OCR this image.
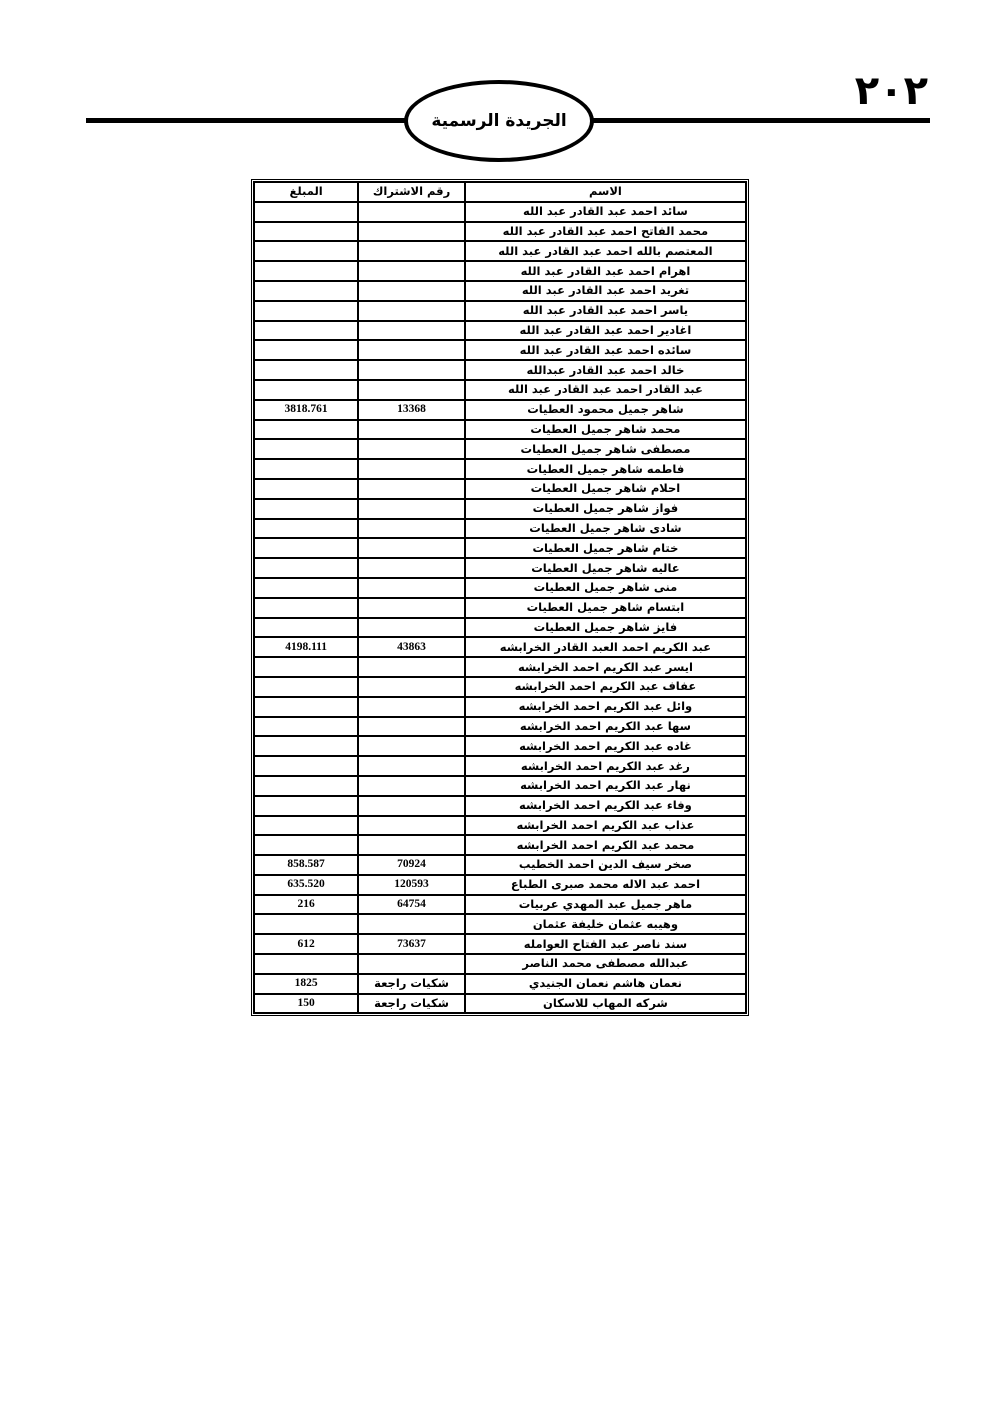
٢٠٢
الجريدة الرسمية
الاسم	رقم الاشتراك	المبلغ
سائد احمد عبد القادر عبد الله		
محمد الفاتح احمد عبد القادر عبد الله		
المعتصم بالله احمد عبد القادر عبد الله		
اهرام احمد عبد القادر عبد الله		
تغريد احمد عبد القادر عبد الله		
ياسر احمد عبد القادر عبد الله		
اغادير احمد عبد القادر عبد الله		
سائده احمد عبد القادر عبد الله		
خالد احمد عبد القادر عبدالله		
عبد القادر احمد عبد القادر عبد الله		
شاهر جميل محمود العطيات	13368	3818.761
محمد شاهر جميل العطيات		
مصطفى شاهر جميل العطيات		
فاطمه شاهر جميل العطيات		
احلام شاهر جميل العطيات		
فواز شاهر جميل العطيات		
شادى شاهر جميل العطيات		
ختام شاهر جميل العطيات		
عاليه شاهر جميل العطيات		
منى شاهر جميل العطيات		
ابتسام شاهر جميل العطيات		
فايز شاهر جميل العطيات		
عبد الكريم احمد العبد القادر الخرابشه	43863	4198.111
ايسر عبد الكريم احمد الخرابشه		
عفاف عبد الكريم احمد الخرابشه		
وائل عبد الكريم احمد الخرابشه		
سها عبد الكريم احمد الخرابشه		
غاده عبد الكريم احمد الخرابشه		
رغد عبد الكريم احمد الخرابشه		
نهار عبد الكريم احمد الخرابشه		
وفاء عبد الكريم احمد الخرابشه		
عذاب عبد الكريم احمد الخرابشه		
محمد عبد الكريم احمد الخرابشه		
صخر سيف الدين احمد الخطيب	70924	858.587
احمد عبد الاله محمد صبرى الطباع	120593	635.520
ماهر جميل عبد المهدي عربيات	64754	216
وهيبه عثمان خليفة عثمان		
سند ناصر عبد الفتاح العوامله	73637	612
عبدالله مصطفى محمد الناصر		
نعمان هاشم نعمان الجنيدي	شكيات راجعة	1825
شركه المهاب للاسكان	شكيات راجعة	150
